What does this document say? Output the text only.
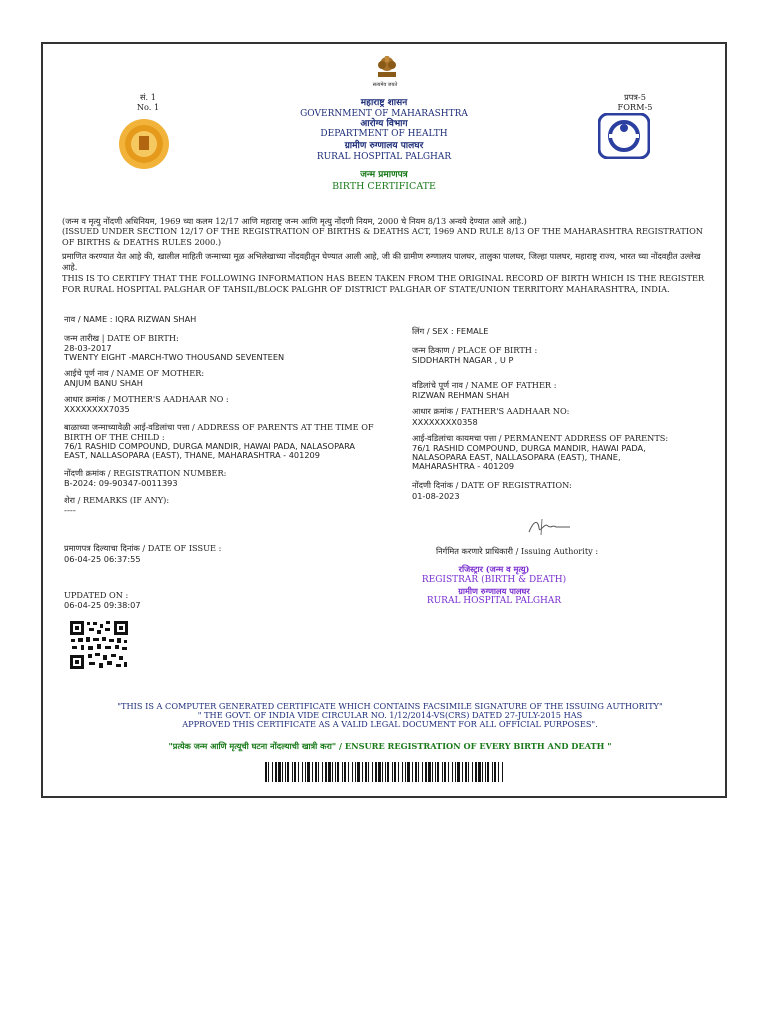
सत्यमेव जयते
सं. 1
No. 1
प्रपत्र-5
FORM-5
महाराष्ट्र शासन
GOVERNMENT OF MAHARASHTRA
आरोग्य विभाग
DEPARTMENT OF HEALTH
ग्रामीण रुग्णालय पालघर
RURAL HOSPITAL PALGHAR
जन्म प्रमाणपत्र
BIRTH CERTIFICATE
(जन्म व मृत्यु नोंदणी अधिनियम, 1969 च्या कलम 12/17 आणि महाराष्ट्र जन्म आणि मृत्यु नोंदणी नियम, 2000 चे नियम 8/13 अन्वये देण्यात आले आहे.)
(ISSUED UNDER SECTION 12/17 OF THE REGISTRATION OF BIRTHS & DEATHS ACT, 1969 AND RULE 8/13 OF THE MAHARASHTRA REGISTRATION OF BIRTHS & DEATHS RULES 2000.)
प्रमाणित करण्यात येत आहे की, खालील माहिती जन्माच्या मूळ अभिलेखाच्या नोंदवहीतून घेण्यात आली आहे, जी की ग्रामीण रुग्णालय पालघर, तालुका पालघर, जिल्हा पालघर, महाराष्ट्र राज्य, भारत च्या नोंदवहीत उल्लेख आहे.
THIS IS TO CERTIFY THAT THE FOLLOWING INFORMATION HAS BEEN TAKEN FROM THE ORIGINAL RECORD OF BIRTH WHICH IS THE REGISTER FOR RURAL HOSPITAL PALGHAR OF TAHSIL/BLOCK PALGHR OF DISTRICT PALGHAR OF STATE/UNION TERRITORY MAHARASHTRA, INDIA.
नाव / NAME : IQRA RIZWAN SHAH
जन्म तारीख | DATE OF BIRTH:
28-03-2017
TWENTY EIGHT -MARCH-TWO THOUSAND SEVENTEEN
आईचे पूर्ण नाव / NAME OF MOTHER:
ANJUM BANU SHAH
आधार क्रमांक / MOTHER'S AADHAAR NO :
XXXXXXXX7035
बाळाच्या जन्माच्यावेळी आई-वडिलांचा पत्ता / ADDRESS OF PARENTS AT THE TIME OF
BIRTH OF THE CHILD :
76/1 RASHID COMPOUND, DURGA MANDIR, HAWAI PADA, NALASOPARA
EAST, NALLASOPARA (EAST), THANE, MAHARASHTRA - 401209
नोंदणी क्रमांक / REGISTRATION NUMBER:
B-2024: 09-90347-0011393
शेरा / REMARKS (IF ANY):
----
प्रमाणपत्र दिल्याचा दिनांक / DATE OF ISSUE :
06-04-25 06:37:55
UPDATED ON :
06-04-25 09:38:07
लिंग / SEX : FEMALE
जन्म ठिकाण / PLACE OF BIRTH :
SIDDHARTH NAGAR , U P
वडिलांचे पूर्ण नाव / NAME OF FATHER :
RIZWAN REHMAN SHAH
आधार क्रमांक / FATHER'S AADHAAR NO:
XXXXXXXX0358
आई-वडिलांचा कायमचा पत्ता / PERMANENT ADDRESS OF PARENTS:
76/1 RASHID COMPOUND, DURGA MANDIR, HAWAI PADA,
NALASOPARA EAST, NALLASOPARA (EAST), THANE,
MAHARASHTRA - 401209
नोंदणी दिनांक / DATE OF REGISTRATION:
01-08-2023
निर्गमित करणारे प्राधिकारी / Issuing Authority :
रजिस्ट्रार (जन्म व मृत्यु)
REGISTRAR (BIRTH & DEATH)
ग्रामीण रुग्णालय पालघर
RURAL HOSPITAL PALGHAR
"THIS IS A COMPUTER GENERATED CERTIFICATE WHICH CONTAINS FACSIMILE SIGNATURE OF THE ISSUING AUTHORITY"
" THE GOVT. OF INDIA VIDE CIRCULAR NO. 1/12/2014-VS(CRS) DATED 27-JULY-2015 HAS
APPROVED THIS CERTIFICATE AS A VALID LEGAL DOCUMENT FOR ALL OFFICIAL PURPOSES".
"प्रत्येक जन्म आणि मृत्यूची घटना नोंदल्याची खात्री करा" / ENSURE REGISTRATION OF EVERY BIRTH AND DEATH "
